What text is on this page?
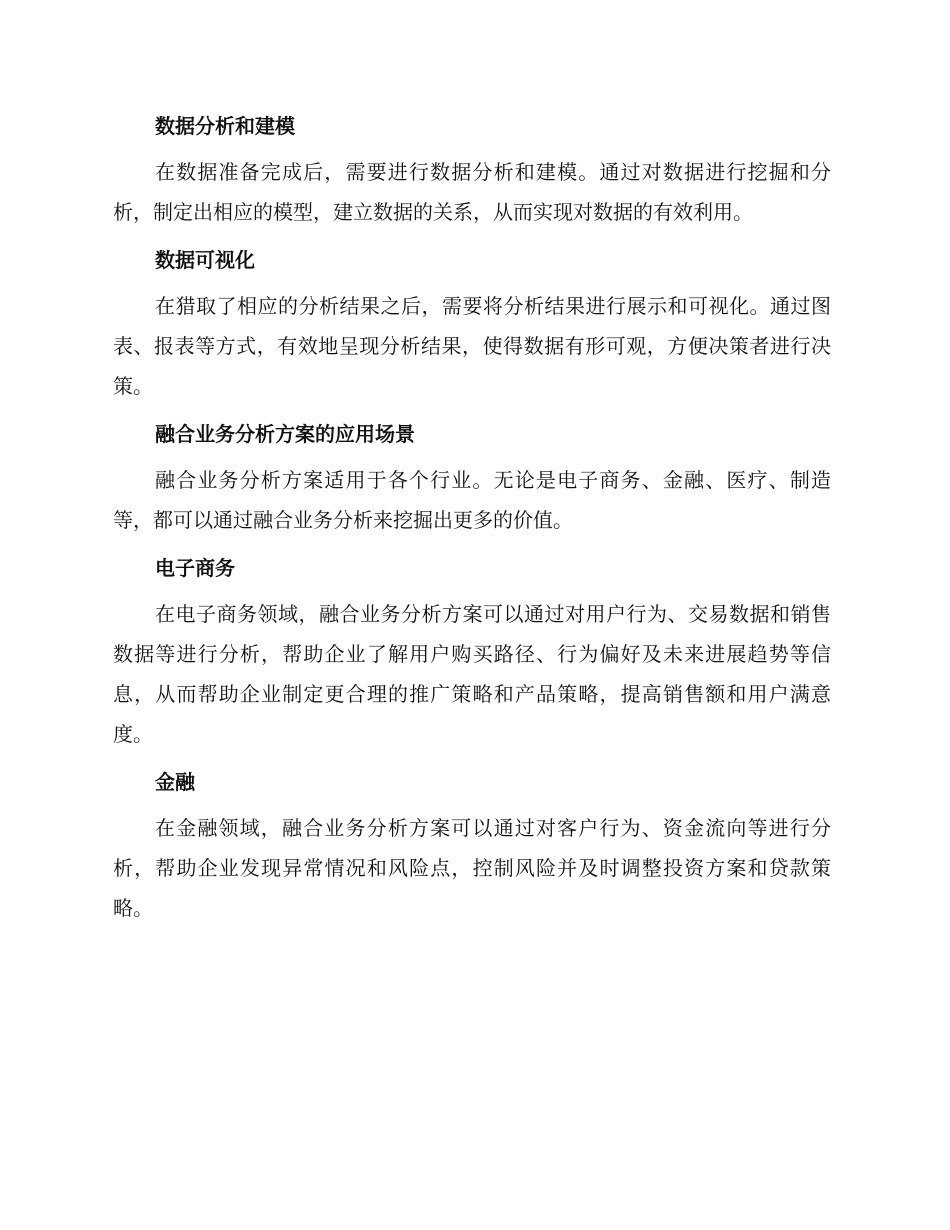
数据分析和建模

在数据准备完成后，需要进行数据分析和建模。通过对数据进行挖掘和分析，制定出相应的模型，建立数据的关系，从而实现对数据的有效利用。

数据可视化

在猎取了相应的分析结果之后，需要将分析结果进行展示和可视化。通过图表、报表等方式，有效地呈现分析结果，使得数据有形可观，方便决策者进行决策。

融合业务分析方案的应用场景

融合业务分析方案适用于各个行业。无论是电子商务、金融、医疗、制造等，都可以通过融合业务分析来挖掘出更多的价值。

电子商务

在电子商务领域，融合业务分析方案可以通过对用户行为、交易数据和销售数据等进行分析，帮助企业了解用户购买路径、行为偏好及未来进展趋势等信息，从而帮助企业制定更合理的推广策略和产品策略，提高销售额和用户满意度。

金融

在金融领域，融合业务分析方案可以通过对客户行为、资金流向等进行分析，帮助企业发现异常情况和风险点，控制风险并及时调整投资方案和贷款策略。
